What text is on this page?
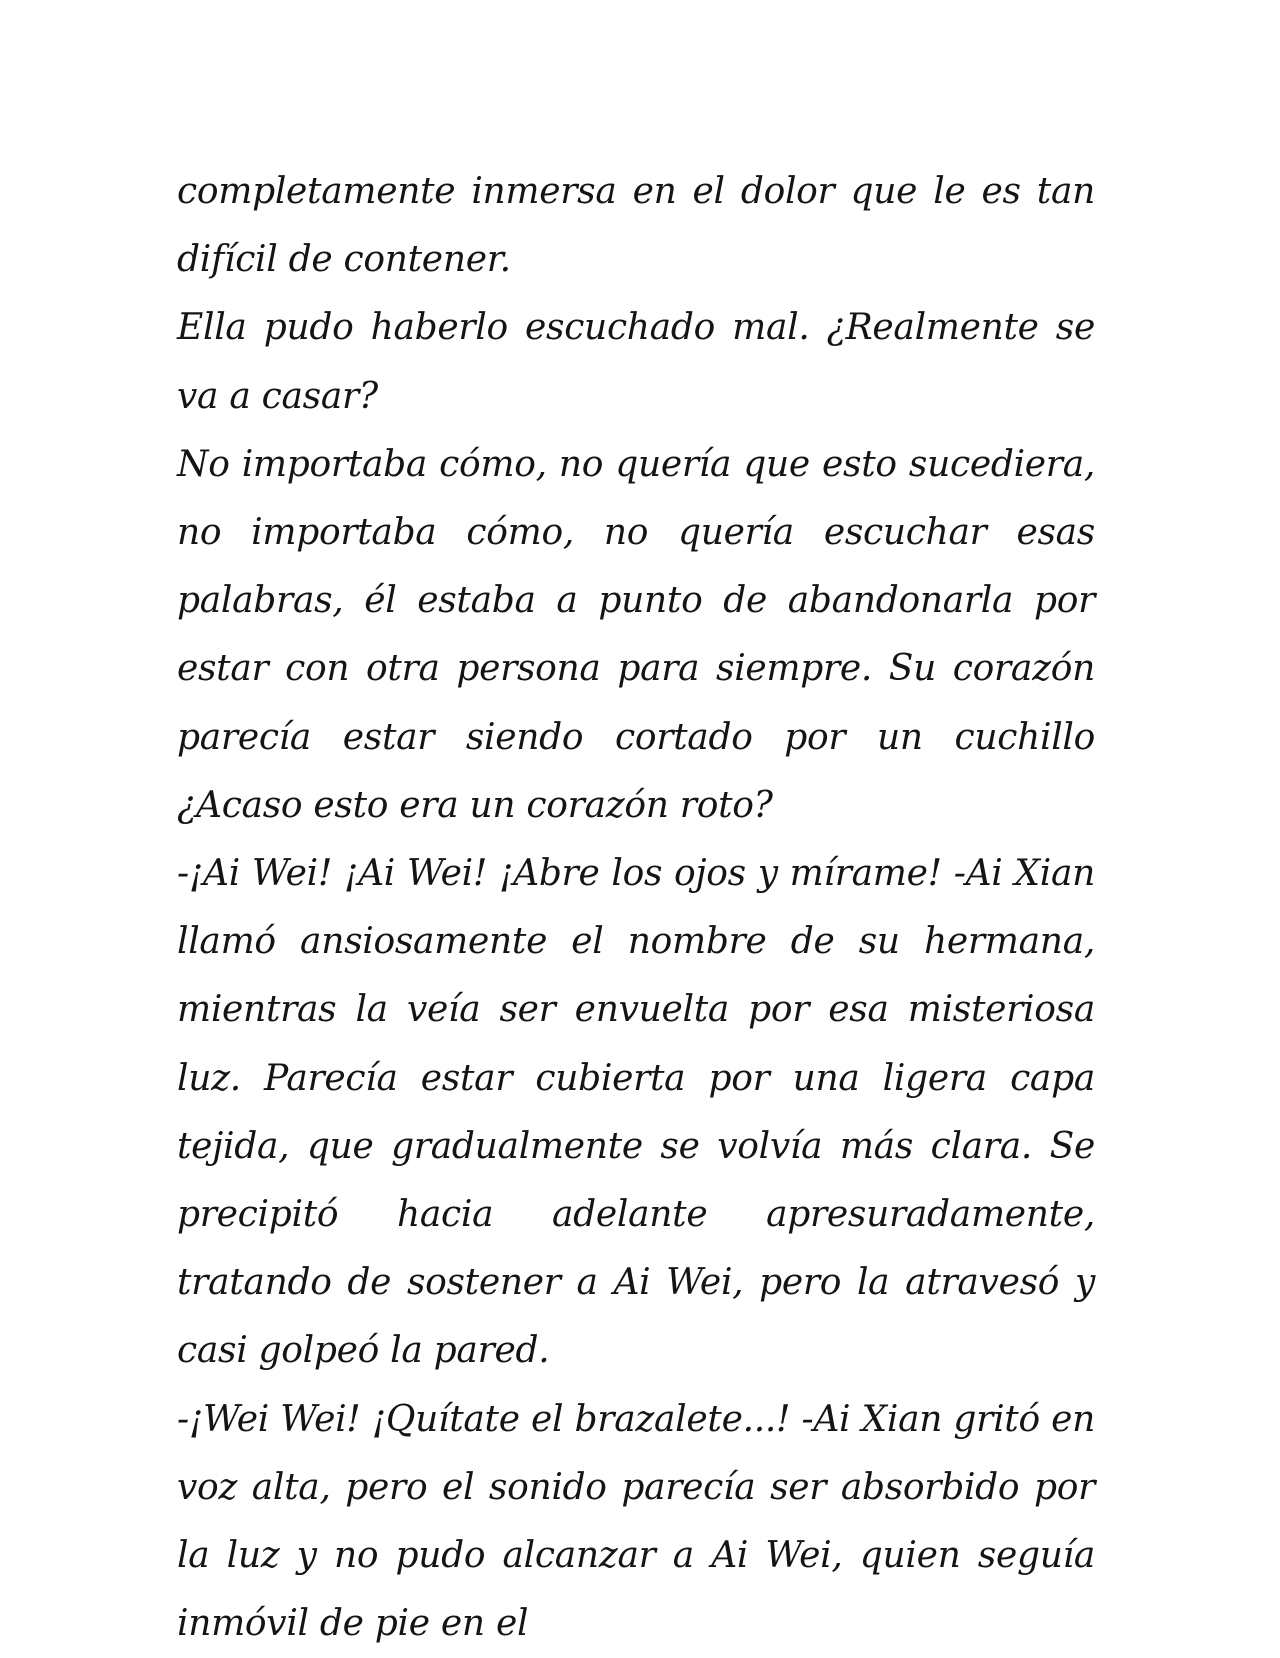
completamente inmersa en el dolor que le es tan difícil de contener.

Ella pudo haberlo escuchado mal. ¿Realmente se va a casar?

No importaba cómo, no quería que esto sucediera, no importaba cómo, no quería escuchar esas palabras, él estaba a punto de abandonarla por estar con otra persona para siempre. Su corazón parecía estar siendo cortado por un cuchillo ¿Acaso esto era un corazón roto?

-¡Ai Wei! ¡Ai Wei! ¡Abre los ojos y mírame! -Ai Xian llamó ansiosamente el nombre de su hermana, mientras la veía ser envuelta por esa misteriosa luz. Parecía estar cubierta por una ligera capa tejida, que gradualmente se volvía más clara. Se precipitó hacia adelante apresuradamente, tratando de sostener a Ai Wei, pero la atravesó y casi golpeó la pared.

-¡Wei Wei! ¡Quítate el brazalete...! -Ai Xian gritó en voz alta, pero el sonido parecía ser absorbido por la luz y no pudo alcanzar a Ai Wei, quien seguía inmóvil de pie en el
